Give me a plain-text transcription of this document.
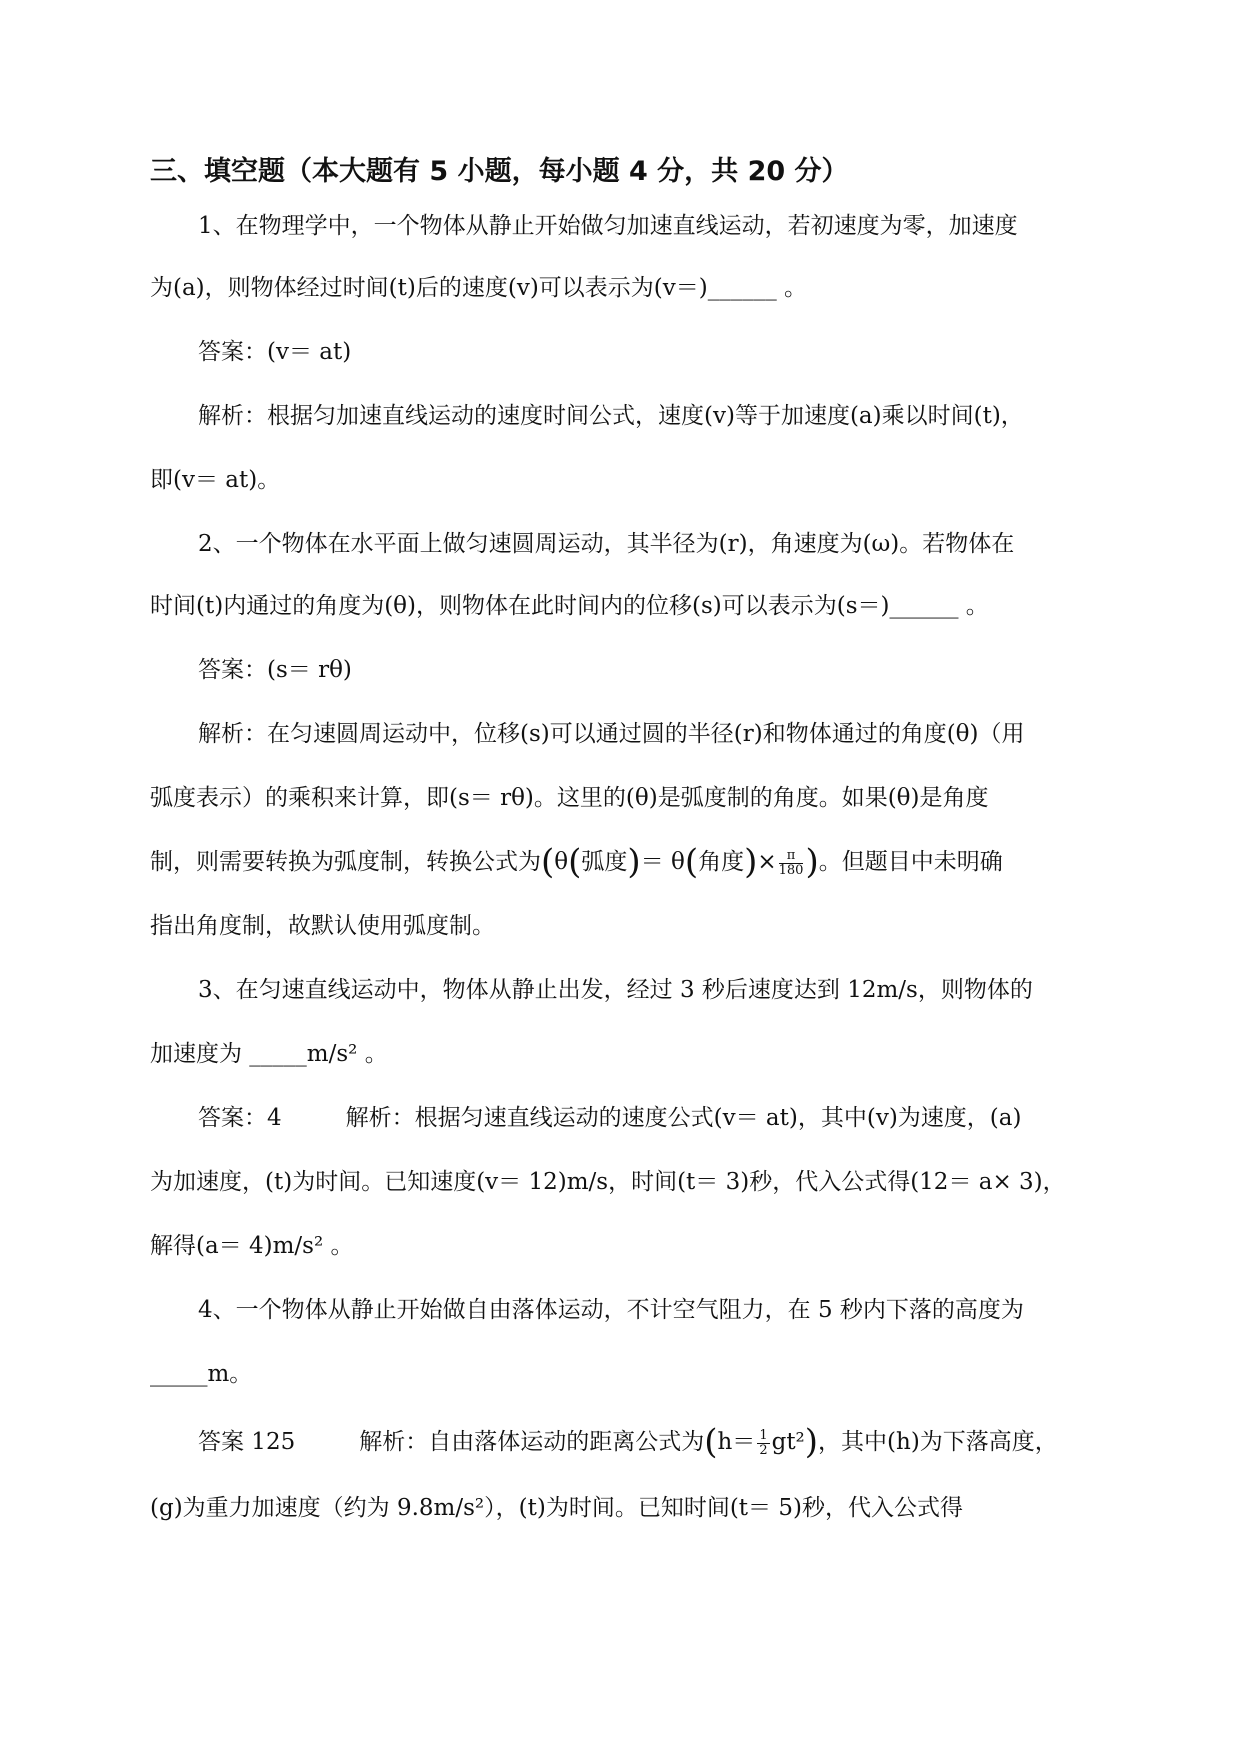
三、填空题（本大题有 5 小题，每小题 4 分，共 20 分）
1、在物理学中，一个物体从静止开始做匀加速直线运动，若初速度为零，加速度
为(a)，则物体经过时间(t)后的速度(v)可以表示为(v＝)______ 。
答案：(v＝ at)
解析：根据匀加速直线运动的速度时间公式，速度(v)等于加速度(a)乘以时间(t)，
即(v＝ at)。
2、一个物体在水平面上做匀速圆周运动，其半径为(r)，角速度为(ω)。若物体在
时间(t)内通过的角度为(θ)，则物体在此时间内的位移(s)可以表示为(s＝)______ 。
答案：(s＝ rθ)
解析：在匀速圆周运动中，位移(s)可以通过圆的半径(r)和物体通过的角度(θ)（用
弧度表示）的乘积来计算，即(s＝ rθ)。这里的(θ)是弧度制的角度。如果(θ)是角度
制，则需要转换为弧度制，转换公式为(θ(弧度)＝ θ(角度)× $\frac{\pi}{180}$ )。但题目中未明确
指出角度制，故默认使用弧度制。
3、在匀速直线运动中，物体从静止出发，经过 3 秒后速度达到 12m/s，则物体的
加速度为 _____m/s² 。
答案：4	解析：根据匀速直线运动的速度公式(v＝ at)，其中(v)为速度，(a)
为加速度，(t)为时间。已知速度(v＝ 12)m/s，时间(t＝ 3)秒，代入公式得(12＝ a× 3)，
解得(a＝ 4)m/s² 。
4、一个物体从静止开始做自由落体运动，不计空气阻力，在 5 秒内下落的高度为
_____m。
答案 125	解析：自由落体运动的距离公式为$(h= \frac{1}{2} gt^2)$，其中(h)为下落高度，
(g)为重力加速度（约为 9.8m/s²），(t)为时间。已知时间(t＝ 5)秒，代入公式得
